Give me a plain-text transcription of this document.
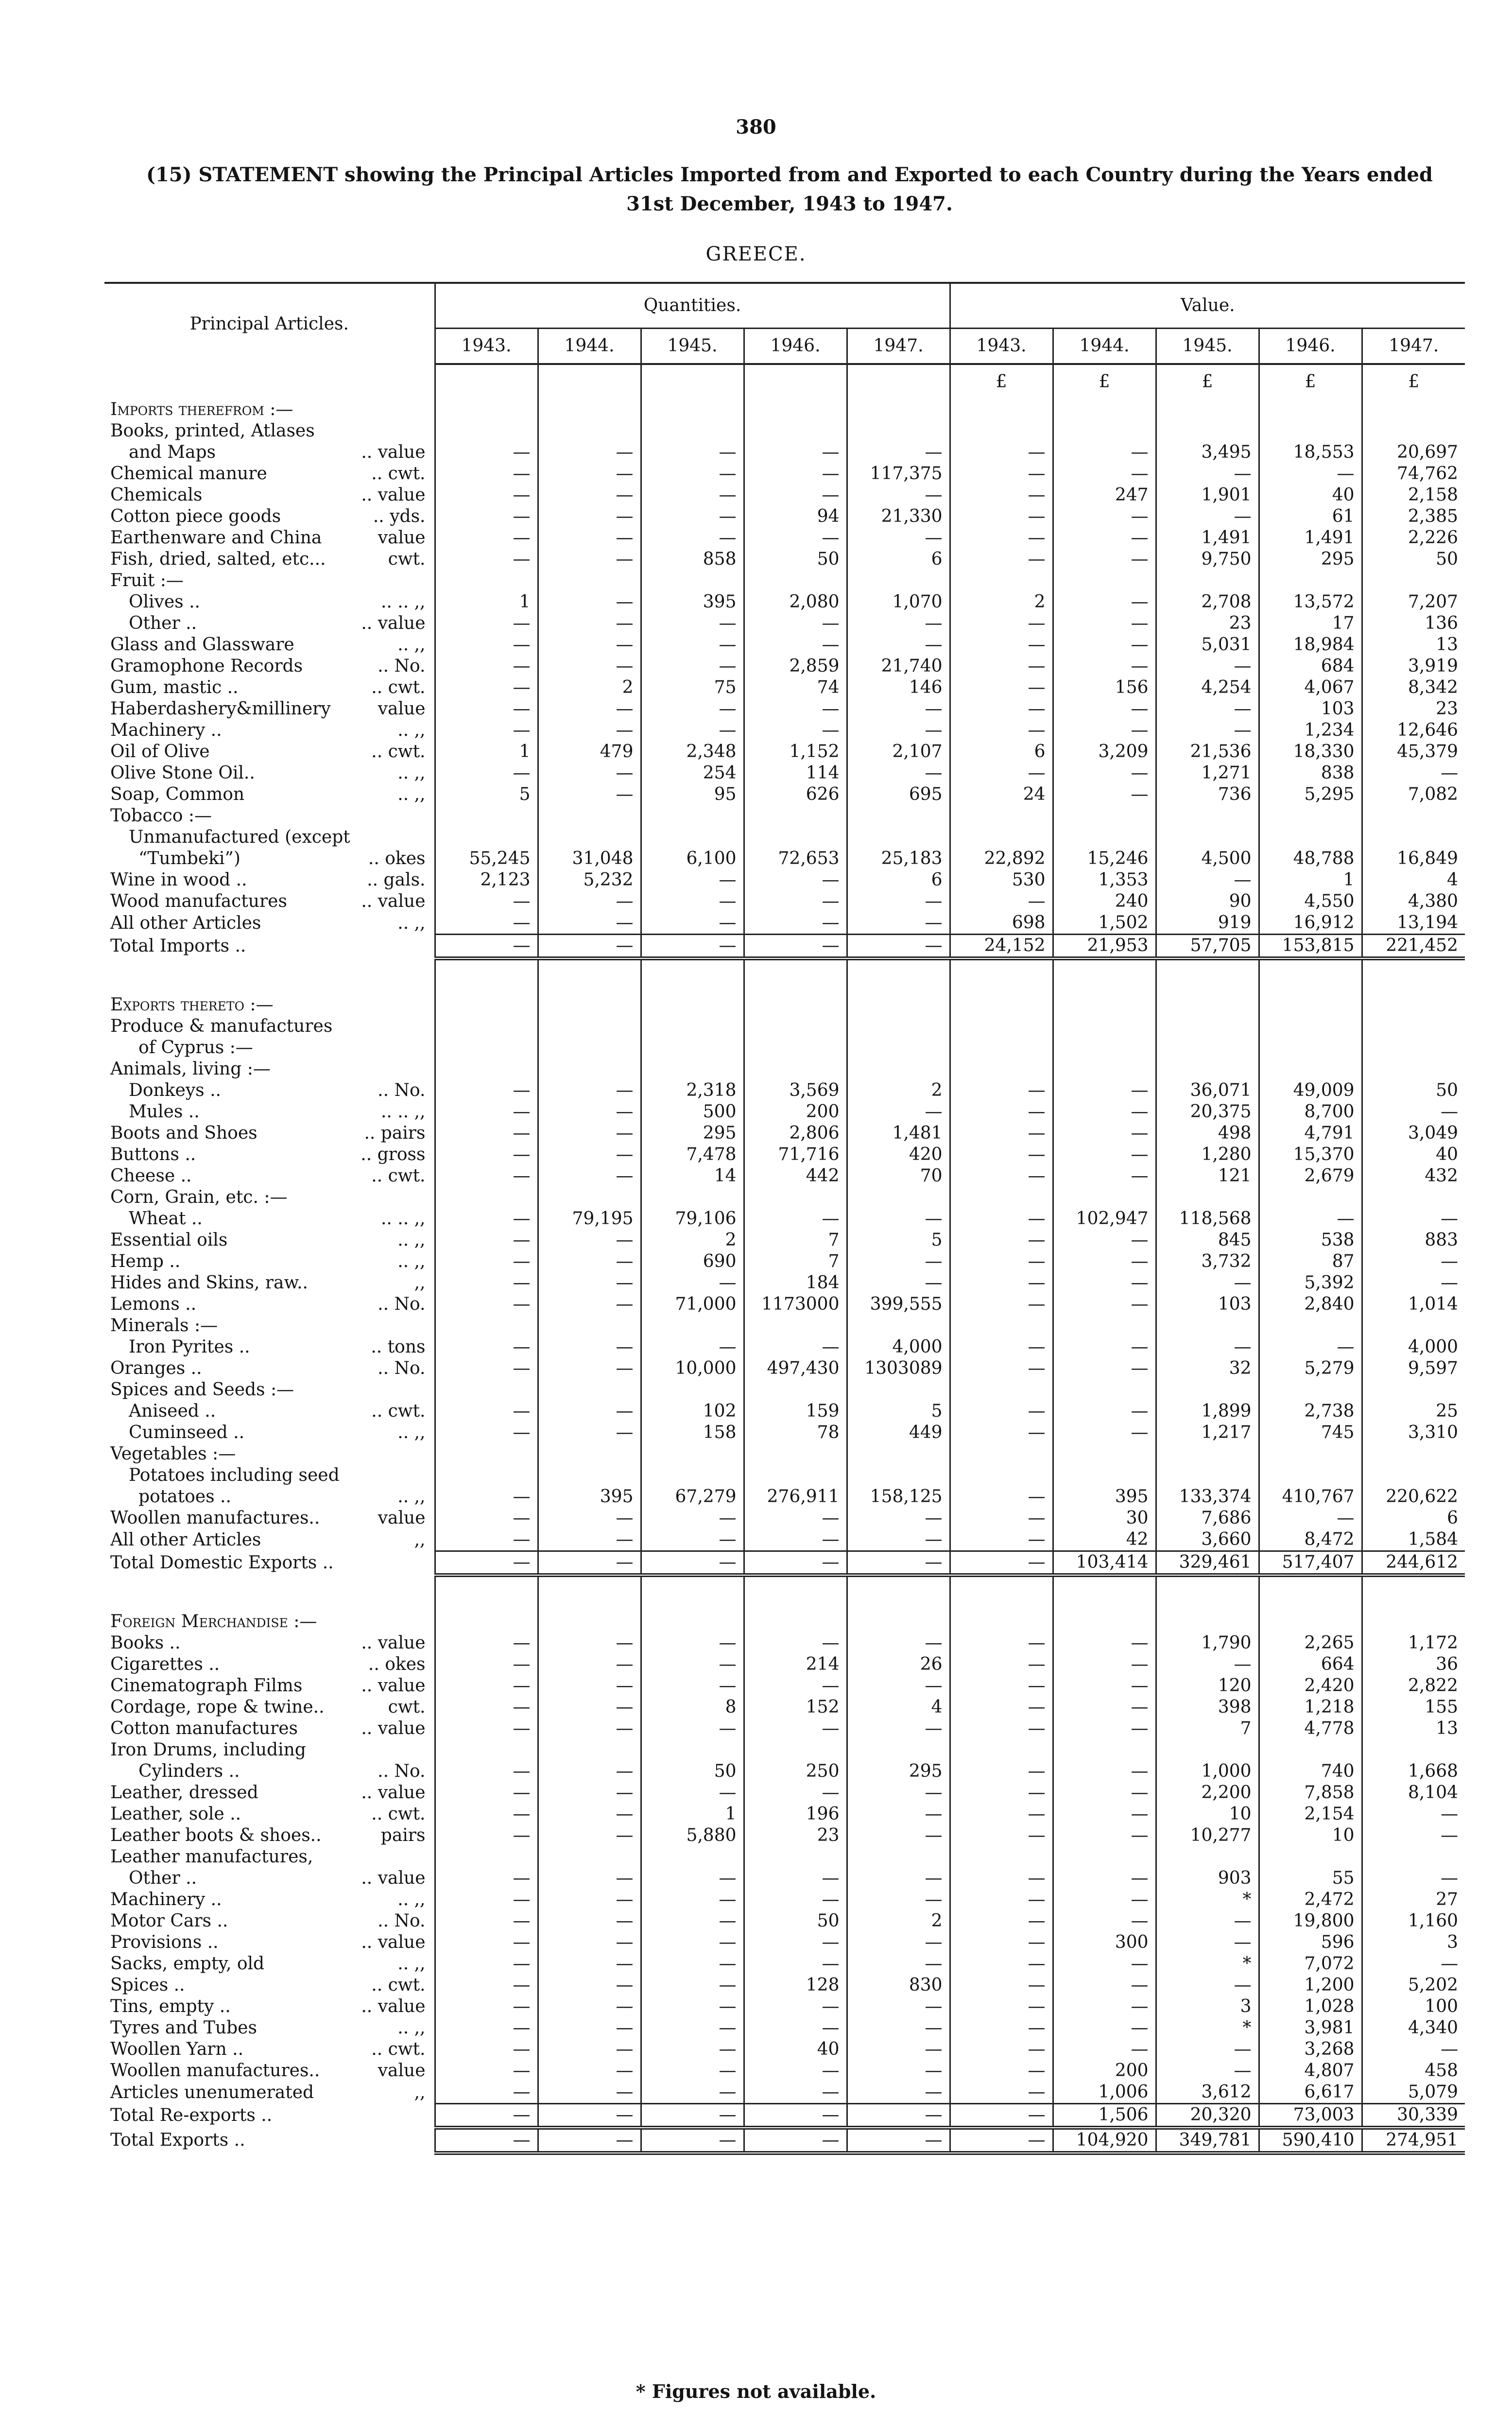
380
(15) STATEMENT showing the Principal Articles Imported from and Exported to each Country during the Years ended 31st December, 1943 to 1947.
GREECE.
Principal Articles.	Quantities.					Value.				
	1943.	1944.	1945.	1946.	1947.	1943.	1944.	1945.	1946.	1947.
						£	£	£	£	£
Imports therefrom :—										
Books, printed, Atlases										

and Maps .. value	—	—	—	—	—	—	—	3,495	18,553	20,697

Chemical manure .. cwt.	—	—	—	—	117,375	—	—	—	—	74,762

Chemicals .. value	—	—	—	—	—	—	247	1,901	40	2,158

Cotton piece goods .. yds.	—	—	—	94	21,330	—	—	—	61	2,385

Earthenware and China value	—	—	—	—	—	—	—	1,491	1,491	2,226

Fish, dried, salted, etc... cwt.	—	—	858	50	6	—	—	9,750	295	50
Fruit :—										

Olives .. .. .. ,,	1	—	395	2,080	1,070	2	—	2,708	13,572	7,207

Other .. .. value	—	—	—	—	—	—	—	23	17	136

Glass and Glassware .. ,,	—	—	—	—	—	—	—	5,031	18,984	13

Gramophone Records .. No.	—	—	—	2,859	21,740	—	—	—	684	3,919

Gum, mastic .. .. cwt.	—	2	75	74	146	—	156	4,254	4,067	8,342

Haberdashery&millinery value	—	—	—	—	—	—	—	—	103	23

Machinery .. .. ,,	—	—	—	—	—	—	—	—	1,234	12,646

Oil of Olive .. cwt.	1	479	2,348	1,152	2,107	6	3,209	21,536	18,330	45,379

Olive Stone Oil.. .. ,,	—	—	254	114	—	—	—	1,271	838	—

Soap, Common .. ,,	5	—	95	626	695	24	—	736	5,295	7,082
Tobacco :—										
Unmanufactured (except										

“Tumbeki”) .. okes	55,245	31,048	6,100	72,653	25,183	22,892	15,246	4,500	48,788	16,849

Wine in wood .. .. gals.	2,123	5,232	—	—	6	530	1,353	—	1	4

Wood manufactures .. value	—	—	—	—	—	—	240	90	4,550	4,380

All other Articles .. ,,	—	—	—	—	—	698	1,502	919	16,912	13,194
Total Imports ..	—	—	—	—	—	24,152	21,953	57,705	153,815	221,452

Exports thereto :—										
Produce & manufactures										
of Cyprus :—										
Animals, living :—										

Donkeys .. .. No.	—	—	2,318	3,569	2	—	—	36,071	49,009	50

Mules .. .. .. ,,	—	—	500	200	—	—	—	20,375	8,700	—

Boots and Shoes .. pairs	—	—	295	2,806	1,481	—	—	498	4,791	3,049

Buttons .. .. gross	—	—	7,478	71,716	420	—	—	1,280	15,370	40

Cheese .. .. cwt.	—	—	14	442	70	—	—	121	2,679	432
Corn, Grain, etc. :—										

Wheat .. .. .. ,,	—	79,195	79,106	—	—	—	102,947	118,568	—	—

Essential oils .. ,,	—	—	2	7	5	—	—	845	538	883

Hemp .. .. ,,	—	—	690	7	—	—	—	3,732	87	—

Hides and Skins, raw.. ,,	—	—	—	184	—	—	—	—	5,392	—

Lemons .. .. No.	—	—	71,000	1173000	399,555	—	—	103	2,840	1,014
Minerals :—										

Iron Pyrites .. .. tons	—	—	—	—	4,000	—	—	—	—	4,000

Oranges .. .. No.	—	—	10,000	497,430	1303089	—	—	32	5,279	9,597
Spices and Seeds :—										

Aniseed .. .. cwt.	—	—	102	159	5	—	—	1,899	2,738	25

Cuminseed .. .. ,,	—	—	158	78	449	—	—	1,217	745	3,310
Vegetables :—										
Potatoes including seed										

potatoes .. .. ,,	—	395	67,279	276,911	158,125	—	395	133,374	410,767	220,622

Woollen manufactures.. value	—	—	—	—	—	—	30	7,686	—	6

All other Articles ,,	—	—	—	—	—	—	42	3,660	8,472	1,584
Total Domestic Exports ..	—	—	—	—	—	—	103,414	329,461	517,407	244,612

Foreign Merchandise :—										

Books .. .. value	—	—	—	—	—	—	—	1,790	2,265	1,172

Cigarettes .. .. okes	—	—	—	214	26	—	—	—	664	36

Cinematograph Films .. value	—	—	—	—	—	—	—	120	2,420	2,822

Cordage, rope & twine.. cwt.	—	—	8	152	4	—	—	398	1,218	155

Cotton manufactures .. value	—	—	—	—	—	—	—	7	4,778	13
Iron Drums, including										

Cylinders .. .. No.	—	—	50	250	295	—	—	1,000	740	1,668

Leather, dressed .. value	—	—	—	—	—	—	—	2,200	7,858	8,104

Leather, sole .. .. cwt.	—	—	1	196	—	—	—	10	2,154	—

Leather boots & shoes.. pairs	—	—	5,880	23	—	—	—	10,277	10	—
Leather manufactures,										

Other .. .. value	—	—	—	—	—	—	—	903	55	—

Machinery .. .. ,,	—	—	—	—	—	—	—	*	2,472	27

Motor Cars .. .. No.	—	—	—	50	2	—	—	—	19,800	1,160

Provisions .. .. value	—	—	—	—	—	—	300	—	596	3

Sacks, empty, old .. ,,	—	—	—	—	—	—	—	*	7,072	—

Spices .. .. cwt.	—	—	—	128	830	—	—	—	1,200	5,202

Tins, empty .. .. value	—	—	—	—	—	—	—	3	1,028	100

Tyres and Tubes .. ,,	—	—	—	—	—	—	—	*	3,981	4,340

Woollen Yarn .. .. cwt.	—	—	—	40	—	—	—	—	3,268	—

Woollen manufactures.. value	—	—	—	—	—	—	200	—	4,807	458

Articles unenumerated ,,	—	—	—	—	—	—	1,006	3,612	6,617	5,079
Total Re-exports ..	—	—	—	—	—	—	1,506	20,320	73,003	30,339
Total Exports ..	—	—	—	—	—	—	104,920	349,781	590,410	274,951
* Figures not available.
